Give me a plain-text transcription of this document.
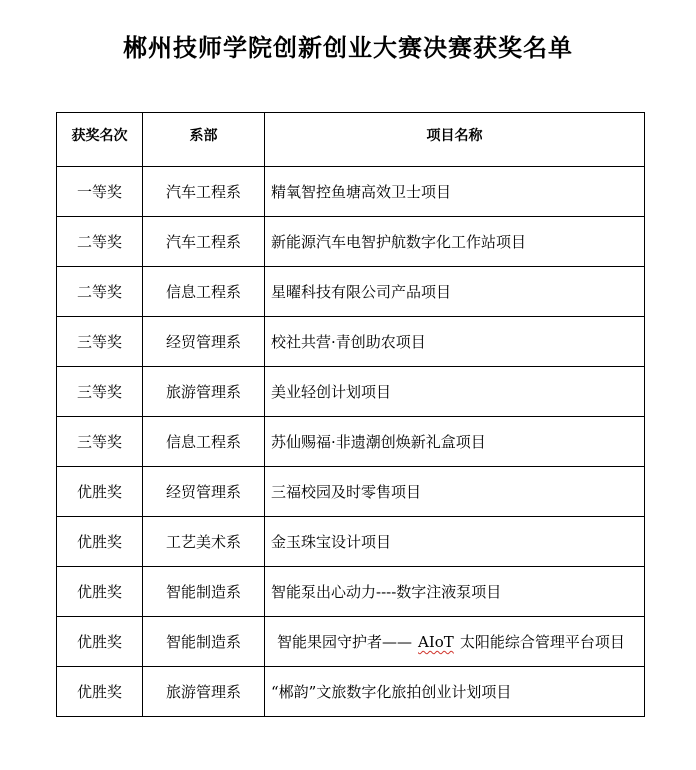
郴州技师学院创新创业大赛决赛获奖名单
获奖名次	系部	项目名称
一等奖	汽车工程系	精氧智控鱼塘高效卫士项目
二等奖	汽车工程系	新能源汽车电智护航数字化工作站项目
二等奖	信息工程系	星曜科技有限公司产品项目
三等奖	经贸管理系	校社共营·青创助农项目
三等奖	旅游管理系	美业轻创计划项目
三等奖	信息工程系	苏仙赐福·非遗潮创焕新礼盒项目
优胜奖	经贸管理系	三福校园及时零售项目
优胜奖	工艺美术系	金玉珠宝设计项目
优胜奖	智能制造系	智能泵出心动力----数字注液泵项目
优胜奖	智能制造系	智能果园守护者—— AIoT 太阳能综合管理平台项目
优胜奖	旅游管理系	“郴韵”文旅数字化旅拍创业计划项目
